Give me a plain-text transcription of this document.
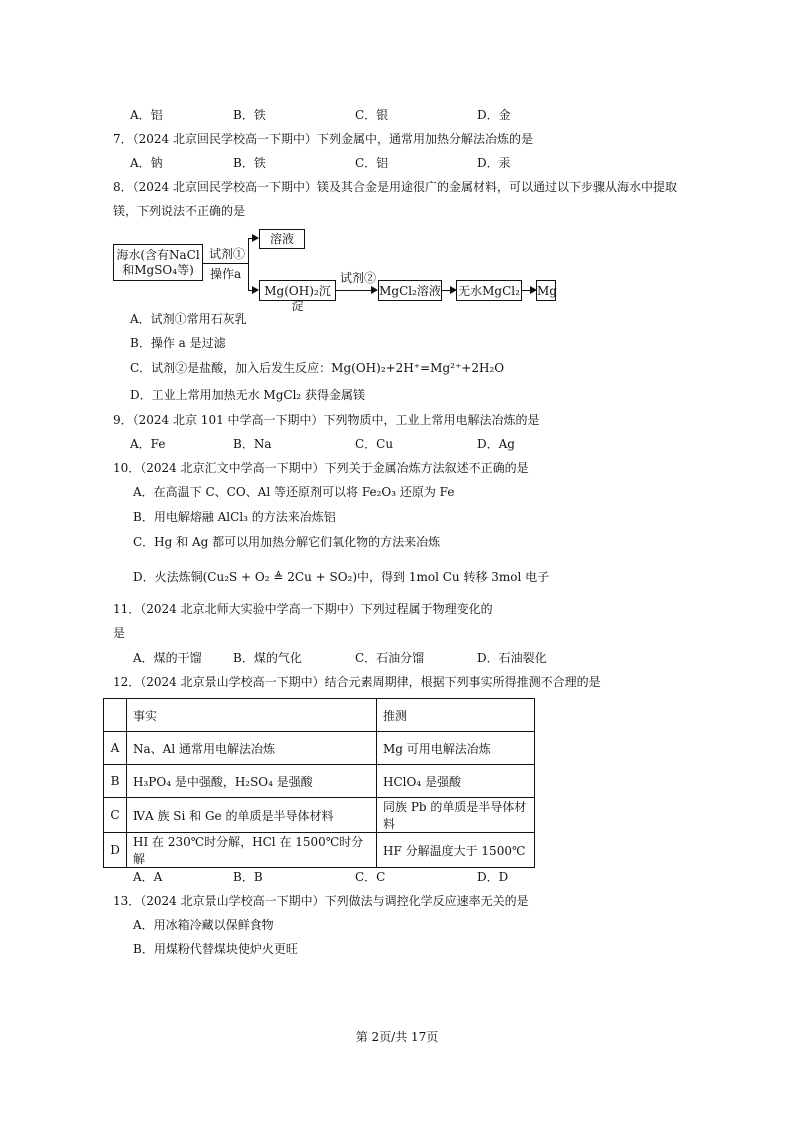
A．铝	B．铁	C．银	D．金
7．（2024 北京回民学校高一下期中）下列金属中，通常用加热分解法冶炼的是
A．钠	B．铁	C．铝	D．汞
8．（2024 北京回民学校高一下期中）镁及其合金是用途很广的金属材料，可以通过以下步骤从海水中提取
镁，下列说法不正确的是
海水(含有NaCl
和MgSO₄等)
试剂①
操作a
溶液
Mg(OH)₂沉淀
试剂②
MgCl₂溶液 无水MgCl₂ Mg
A．试剂①常用石灰乳
B．操作 a 是过滤
C．试剂②是盐酸，加入后发生反应：Mg(OH)₂+2H⁺=Mg²⁺+2H₂O
D．工业上常用加热无水 MgCl₂ 获得金属镁
9．（2024 北京 101 中学高一下期中）下列物质中，工业上常用电解法冶炼的是
A．Fe	B．Na	C．Cu	D．Ag
10．（2024 北京汇文中学高一下期中）下列关于金属冶炼方法叙述不正确的是
A．在高温下 C、CO、Al 等还原剂可以将 Fe₂O₃ 还原为 Fe
B．用电解熔融 AlCl₃ 的方法来冶炼铝
C．Hg 和 Ag 都可以用加热分解它们氧化物的方法来冶炼
D．火法炼铜(Cu₂S + O₂ ≜ 2Cu + SO₂)中，得到 1mol Cu 转移 3mol 电子
11．（2024 北京北师大实验中学高一下期中）下列过程属于物理变化的
是
A．煤的干馏	B．煤的气化	C．石油分馏	D．石油裂化
12．（2024 北京景山学校高一下期中）结合元素周期律，根据下列事实所得推测不合理的是
	事实	推测
A	Na、Al 通常用电解法冶炼	Mg 可用电解法冶炼
B	H₃PO₄ 是中强酸，H₂SO₄ 是强酸	HClO₄ 是强酸
C	ⅣA 族 Si 和 Ge 的单质是半导体材料	同族 Pb 的单质是半导体材料
D	HI 在 230℃时分解，HCl 在 1500℃时分解	HF 分解温度大于 1500℃
A．A	B．B	C．C	D．D
13．（2024 北京景山学校高一下期中）下列做法与调控化学反应速率无关的是
A．用冰箱冷藏以保鲜食物
B．用煤粉代替煤块使炉火更旺
第 2页/共 17页
